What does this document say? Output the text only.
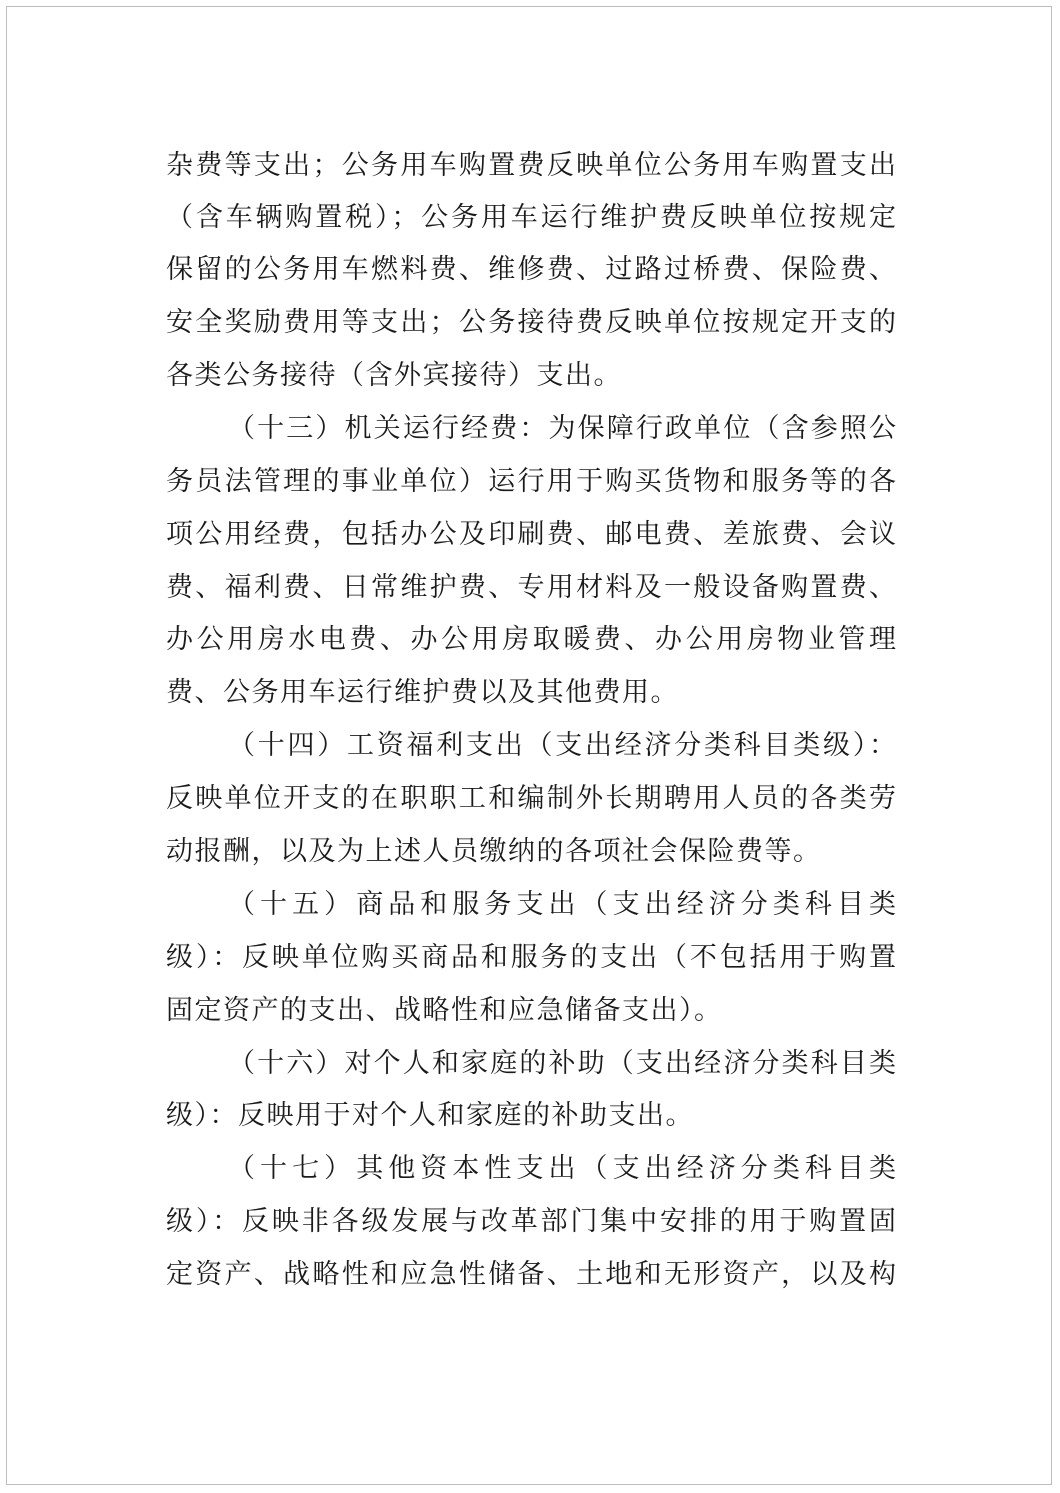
杂费等支出；公务用车购置费反映单位公务用车购置支出
（含车辆购置税）；公务用车运行维护费反映单位按规定
保留的公务用车燃料费、维修费、过路过桥费、保险费、
安全奖励费用等支出；公务接待费反映单位按规定开支的
各类公务接待（含外宾接待）支出。
（十三）机关运行经费：为保障行政单位（含参照公
务员法管理的事业单位）运行用于购买货物和服务等的各
项公用经费，包括办公及印刷费、邮电费、差旅费、会议
费、福利费、日常维护费、专用材料及一般设备购置费、
办公用房水电费、办公用房取暖费、办公用房物业管理
费、公务用车运行维护费以及其他费用。
（十四）工资福利支出（支出经济分类科目类级）：
反映单位开支的在职职工和编制外长期聘用人员的各类劳
动报酬，以及为上述人员缴纳的各项社会保险费等。
（十五）商品和服务支出（支出经济分类科目类
级）：反映单位购买商品和服务的支出（不包括用于购置
固定资产的支出、战略性和应急储备支出）。
（十六）对个人和家庭的补助（支出经济分类科目类
级）：反映用于对个人和家庭的补助支出。
（十七）其他资本性支出（支出经济分类科目类
级）：反映非各级发展与改革部门集中安排的用于购置固
定资产、战略性和应急性储备、土地和无形资产，以及构
